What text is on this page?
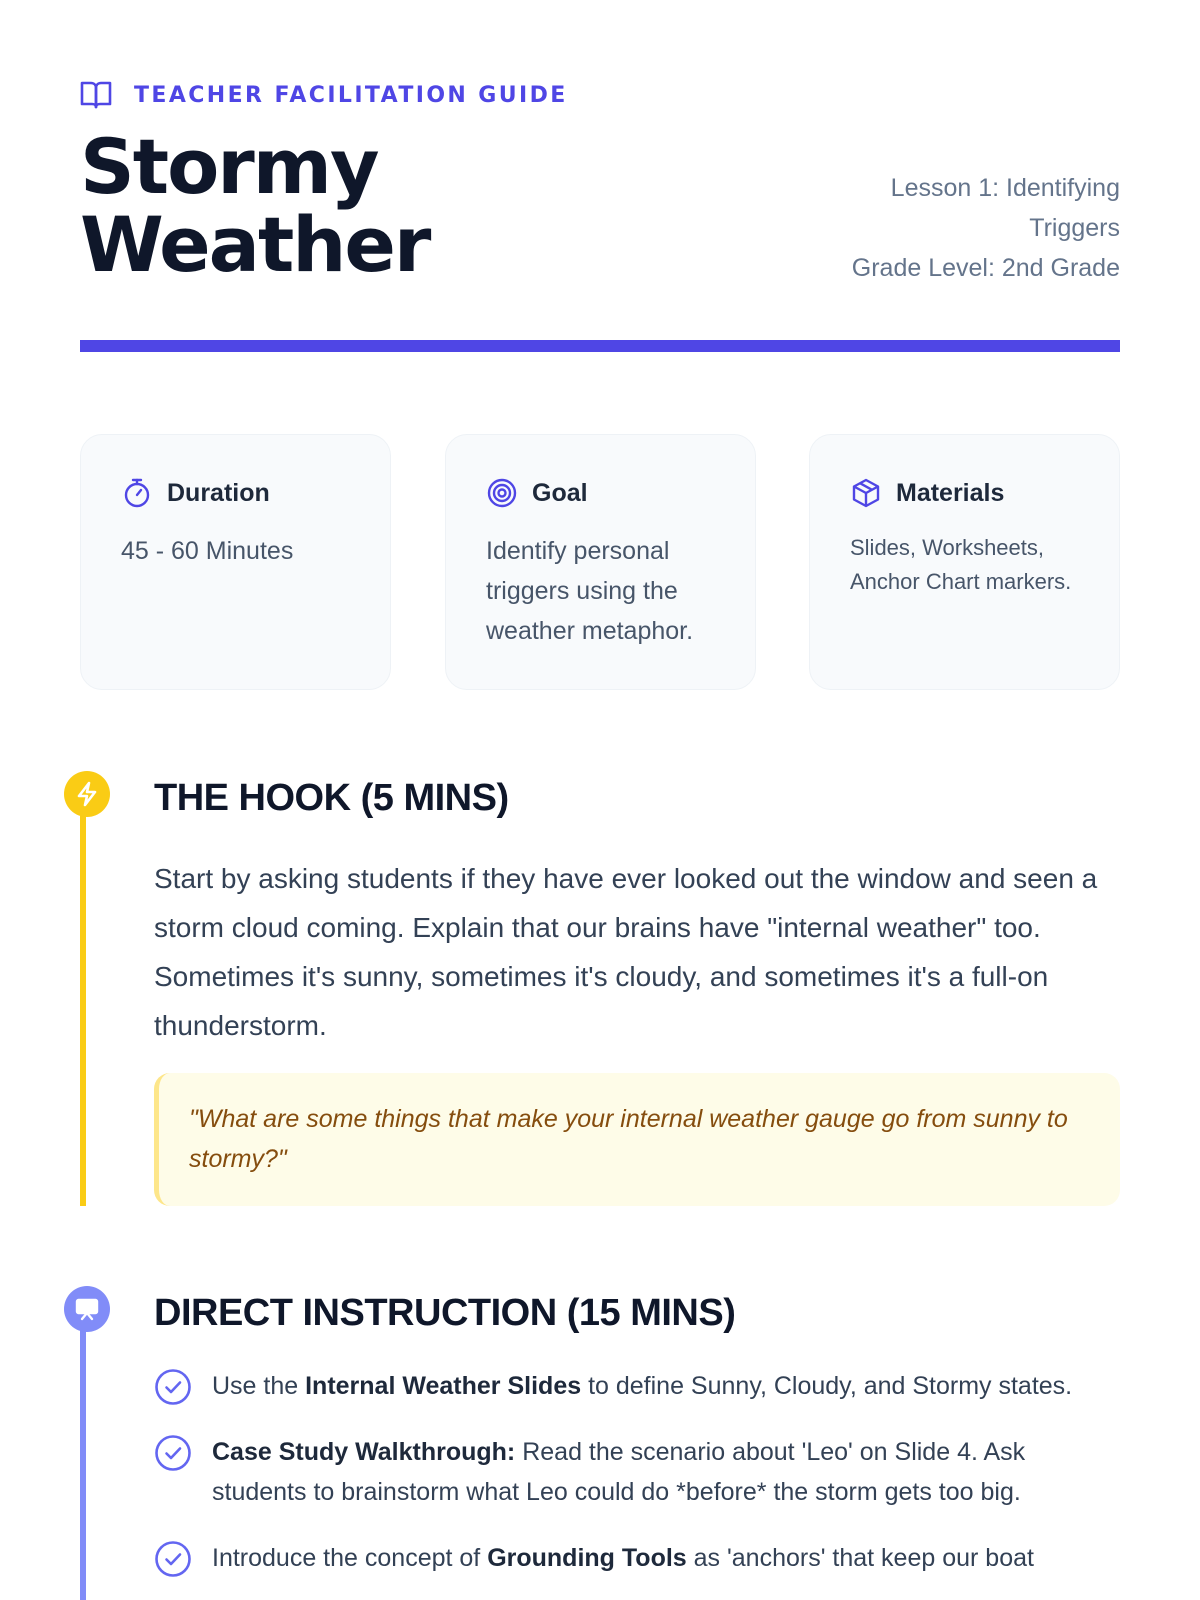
TEACHER FACILITATION GUIDE
Stormy
Weather
Lesson 1: Identifying
Triggers
Grade Level: 2nd Grade
Duration
45 - 60 Minutes
Goal
Identify personal triggers using the weather metaphor.
Materials
Slides, Worksheets, Anchor Chart markers.
THE HOOK (5 MINS)

Start by asking students if they have ever looked out the window and seen a storm cloud coming. Explain that our brains have "internal weather" too. Sometimes it's sunny, sometimes it's cloudy, and sometimes it's a full-on thunderstorm.

"What are some things that make your internal weather gauge go from sunny to stormy?"
DIRECT INSTRUCTION (15 MINS)
Use the Internal Weather Slides to define Sunny, Cloudy, and Stormy states.
Case Study Walkthrough: Read the scenario about 'Leo' on Slide 4. Ask students to brainstorm what Leo could do *before* the storm gets too big.
Introduce the concept of Grounding Tools as 'anchors' that keep our boat
